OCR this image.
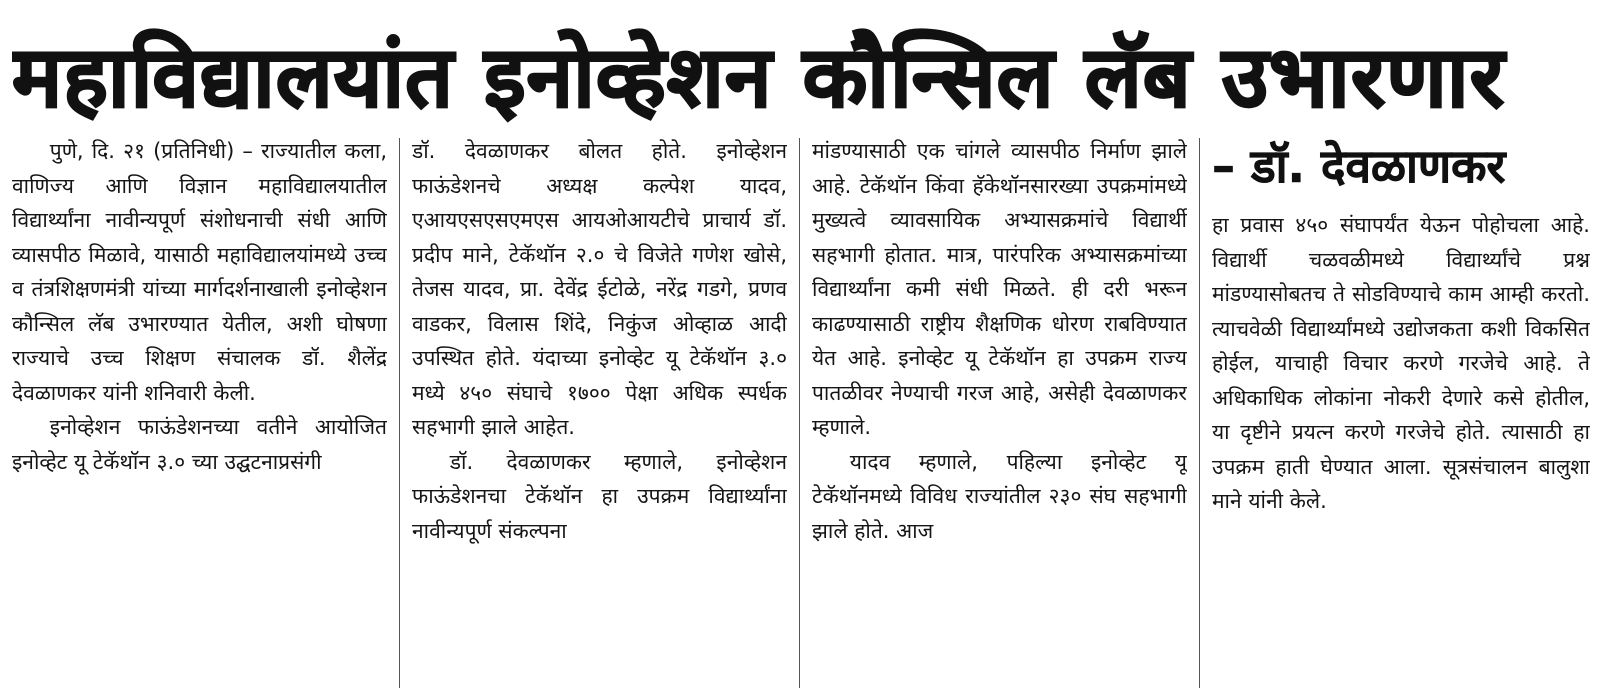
महाविद्यालयांत इनोव्हेशन कौन्सिल लॅब उभारणार

पुणे, दि. २१ (प्रतिनिधी) – राज्यातील कला, वाणिज्य आणि विज्ञान महाविद्यालयातील विद्यार्थ्यांना नावीन्यपूर्ण संशोधनाची संधी आणि व्यासपीठ मिळावे, यासाठी महाविद्यालयांमध्ये उच्च व तंत्रशिक्षणमंत्री यांच्या मार्गदर्शनाखाली इनोव्हेशन कौन्सिल लॅब उभारण्यात येतील, अशी घोषणा राज्याचे उच्च शिक्षण संचालक डॉ. शैलेंद्र देवळाणकर यांनी शनिवारी केली.

इनोव्हेशन फाऊंडेशनच्या वतीने आयोजित इनोव्हेट यू टेकॅथॉन ३.० च्या उद्घटनाप्रसंगी

डॉ. देवळाणकर बोलत होते. इनोव्हेशन फाऊंडेशनचे अध्यक्ष कल्पेश यादव, एआयएसएसएमएस आयओआयटीचे प्राचार्य डॉ. प्रदीप माने, टेकॅथॉन २.० चे विजेते गणेश खोसे, तेजस यादव, प्रा. देवेंद्र ईटोळे, नरेंद्र गडगे, प्रणव वाडकर, विलास शिंदे, निकुंज ओव्हाळ आदी उपस्थित होते. यंदाच्या इनोव्हेट यू टेकॅथॉन ३.० मध्ये ४५० संघाचे १७०० पेक्षा अधिक स्पर्धक सहभागी झाले आहेत.

डॉ. देवळाणकर म्हणाले, इनोव्हेशन फाऊंडेशनचा टेकॅथॉन हा उपक्रम विद्यार्थ्यांना नावीन्यपूर्ण संकल्पना

मांडण्यासाठी एक चांगले व्यासपीठ निर्माण झाले आहे. टेकॅथॉन किंवा हॅकेथॉनसारख्या उपक्रमांमध्ये मुख्यत्वे व्यावसायिक अभ्यासक्रमांचे विद्यार्थी सहभागी होतात. मात्र, पारंपरिक अभ्यासक्रमांच्या विद्यार्थ्यांना कमी संधी मिळते. ही दरी भरून काढण्यासाठी राष्ट्रीय शैक्षणिक धोरण राबविण्यात येत आहे. इनोव्हेट यू टेकॅथॉन हा उपक्रम राज्य पातळीवर नेण्याची गरज आहे, असेही देवळाणकर म्हणाले.

यादव म्हणाले, पहिल्या इनोव्हेट यू टेकॅथॉनमध्ये विविध राज्यांतील २३० संघ सहभागी झाले होते. आज

– डॉ. देवळाणकर

हा प्रवास ४५० संघापर्यंत येऊन पोहोचला आहे. विद्यार्थी चळवळीमध्ये विद्यार्थ्यांचे प्रश्न मांडण्यासोबतच ते सोडविण्याचे काम आम्ही करतो. त्याचवेळी विद्यार्थ्यांमध्ये उद्योजकता कशी विकसित होईल, याचाही विचार करणे गरजेचे आहे. ते अधिकाधिक लोकांना नोकरी देणारे कसे होतील, या दृष्टीने प्रयत्न करणे गरजेचे होते. त्यासाठी हा उपक्रम हाती घेण्यात आला. सूत्रसंचालन बालुशा माने यांनी केले.
